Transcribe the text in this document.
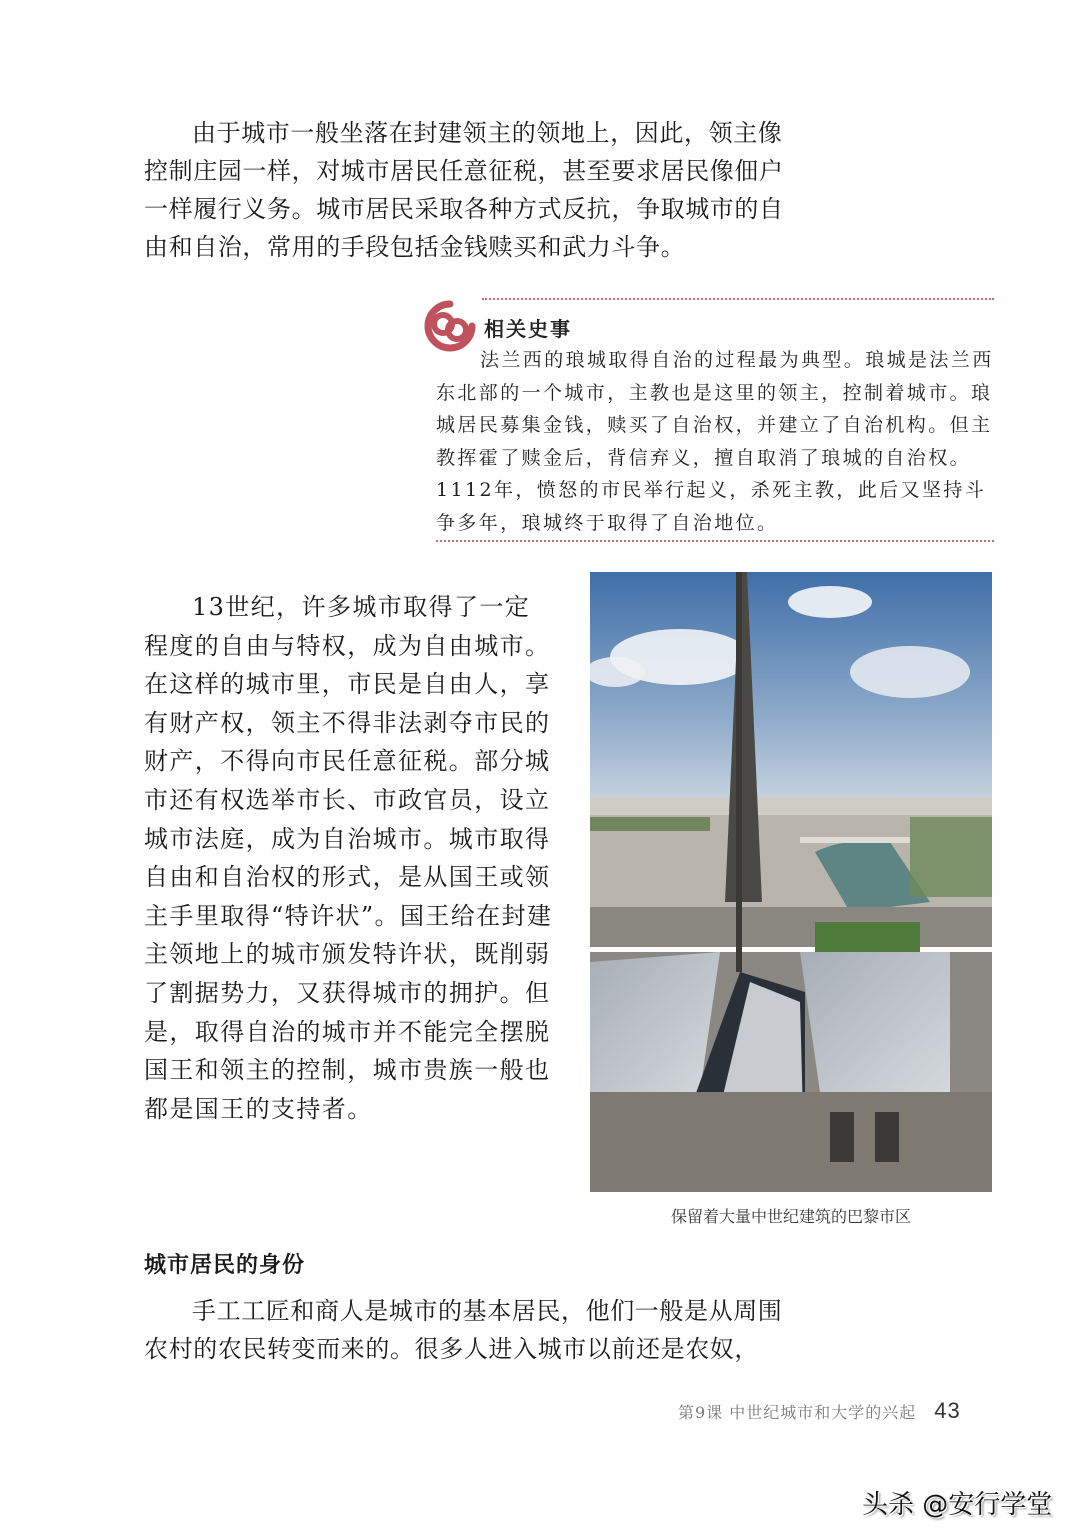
由于城市一般坐落在封建领主的领地上，因此，领主像控制庄园一样，对城市居民任意征税，甚至要求居民像佃户一样履行义务。城市居民采取各种方式反抗，争取城市的自由和自治，常用的手段包括金钱赎买和武力斗争。

相关史事

法兰西的琅城取得自治的过程最为典型。琅城是法兰西东北部的一个城市，主教也是这里的领主，控制着城市。琅城居民募集金钱，赎买了自治权，并建立了自治机构。但主教挥霍了赎金后，背信弃义，擅自取消了琅城的自治权。1112年，愤怒的市民举行起义，杀死主教，此后又坚持斗争多年，琅城终于取得了自治地位。

13世纪，许多城市取得了一定程度的自由与特权，成为自由城市。在这样的城市里，市民是自由人，享有财产权，领主不得非法剥夺市民的财产，不得向市民任意征税。部分城市还有权选举市长、市政官员，设立城市法庭，成为自治城市。城市取得自由和自治权的形式，是从国王或领主手里取得“特许状”。国王给在封建主领地上的城市颁发特许状，既削弱了割据势力，又获得城市的拥护。但是，取得自治的城市并不能完全摆脱国王和领主的控制，城市贵族一般也都是国王的支持者。

保留着大量中世纪建筑的巴黎市区
城市居民的身份

手工工匠和商人是城市的基本居民，他们一般是从周围农村的农民转变而来的。很多人进入城市以前还是农奴，

第9课 中世纪城市和大学的兴起 43
头杀 @安行学堂
